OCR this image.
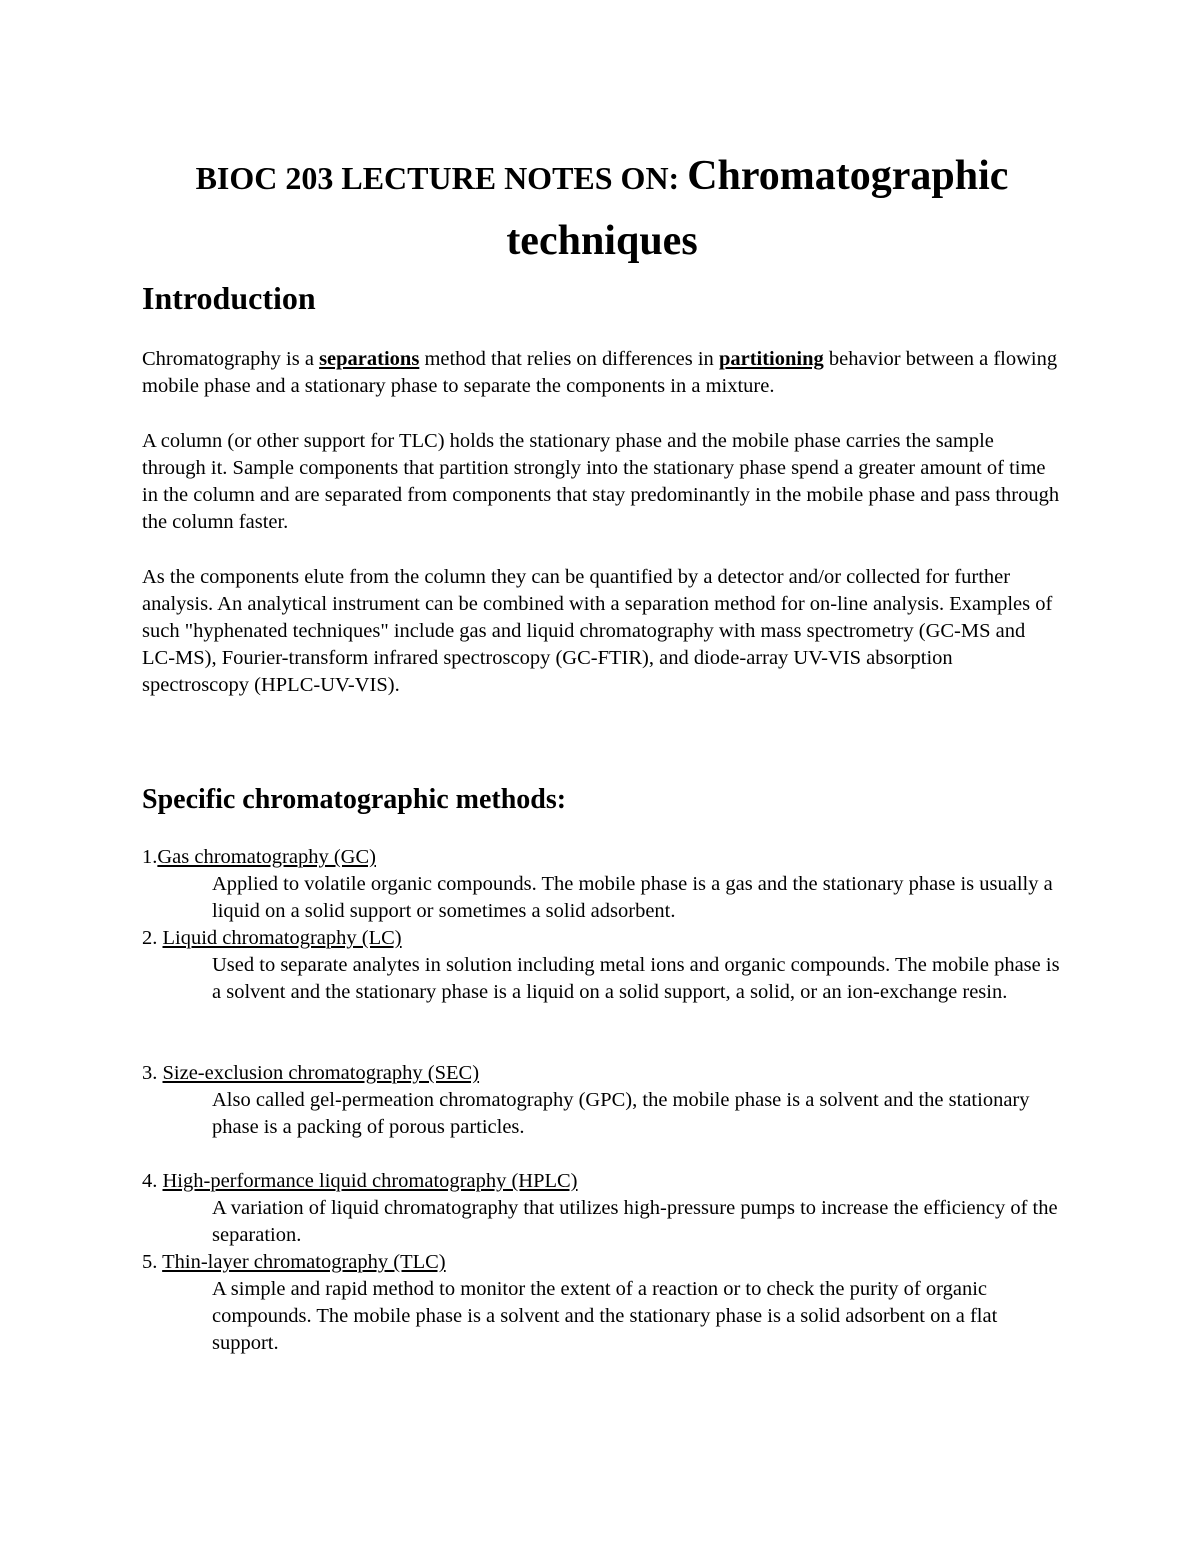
BIOC 203 LECTURE NOTES ON: Chromatographic
techniques
Introduction

Chromatography is a separations method that relies on differences in partitioning behavior between a flowing mobile phase and a stationary phase to separate the components in a mixture.

A column (or other support for TLC) holds the stationary phase and the mobile phase carries the sample through it. Sample components that partition strongly into the stationary phase spend a greater amount of time in the column and are separated from components that stay predominantly in the mobile phase and pass through the column faster.

As the components elute from the column they can be quantified by a detector and/or collected for further analysis. An analytical instrument can be combined with a separation method for on-line analysis. Examples of such "hyphenated techniques" include gas and liquid chromatography with mass spectrometry (GC-MS and LC-MS), Fourier-transform infrared spectroscopy (GC-FTIR), and diode-array UV-VIS absorption spectroscopy (HPLC-UV-VIS).

Specific chromatographic methods:
1.Gas chromatography (GC)
Applied to volatile organic compounds. The mobile phase is a gas and the stationary phase is usually a liquid on a solid support or sometimes a solid adsorbent.
2. Liquid chromatography (LC)
Used to separate analytes in solution including metal ions and organic compounds. The mobile phase is a solvent and the stationary phase is a liquid on a solid support, a solid, or an ion-exchange resin.
3. Size-exclusion chromatography (SEC)
Also called gel-permeation chromatography (GPC), the mobile phase is a solvent and the stationary phase is a packing of porous particles.
4. High-performance liquid chromatography (HPLC)
A variation of liquid chromatography that utilizes high-pressure pumps to increase the efficiency of the separation.
5. Thin-layer chromatography (TLC)
A simple and rapid method to monitor the extent of a reaction or to check the purity of organic compounds. The mobile phase is a solvent and the stationary phase is a solid adsorbent on a flat support.
